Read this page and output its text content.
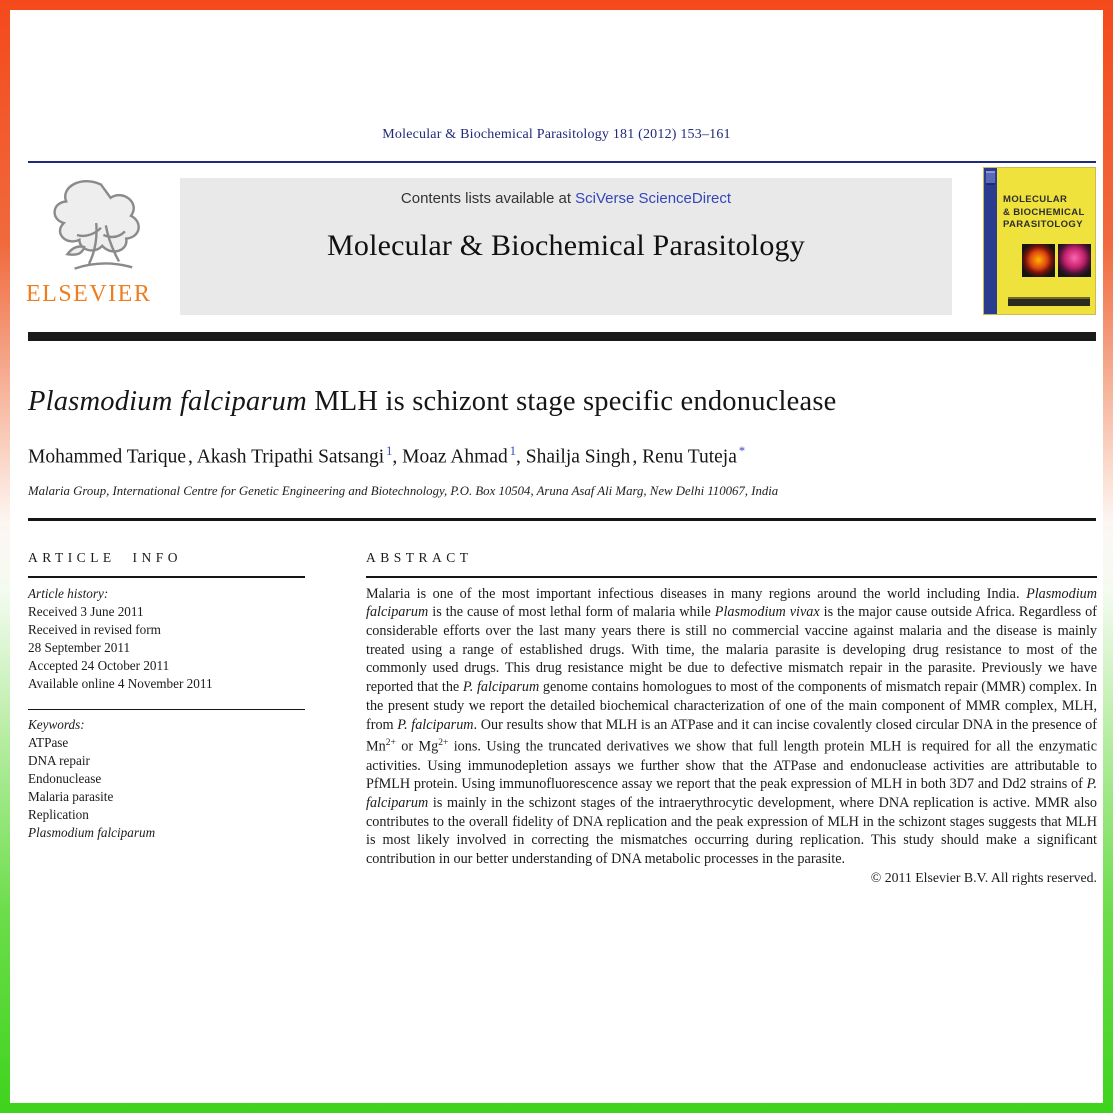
Molecular & Biochemical Parasitology 181 (2012) 153–161
ELSEVIER
Contents lists available at SciVerse ScienceDirect
Molecular & Biochemical Parasitology
MOLECULAR
& BIOCHEMICAL
PARASITOLOGY
Plasmodium falciparum MLH is schizont stage specific endonuclease
Mohammed Tarique , Akash Tripathi Satsangi $^1$, Moaz Ahmad $^1$, Shailja Singh , Renu Tuteja *
Malaria Group, International Centre for Genetic Engineering and Biotechnology, P.O. Box 10504, Aruna Asaf Ali Marg, New Delhi 110067, India
ARTICLE INFO
Article history:
Received 3 June 2011
Received in revised form
28 September 2011
Accepted 24 October 2011
Available online 4 November 2011
Keywords:
ATPase
DNA repair
Endonuclease
Malaria parasite
Replication
Plasmodium falciparum
ABSTRACT
Malaria is one of the most important infectious diseases in many regions around the world including India. Plasmodium falciparum is the cause of most lethal form of malaria while Plasmodium vivax is the major cause outside Africa. Regardless of considerable efforts over the last many years there is still no commercial vaccine against malaria and the disease is mainly treated using a range of established drugs. With time, the malaria parasite is developing drug resistance to most of the commonly used drugs. This drug resistance might be due to defective mismatch repair in the parasite. Previously we have reported that the P. falciparum genome contains homologues to most of the components of mismatch repair (MMR) complex. In the present study we report the detailed biochemical characterization of one of the main component of MMR complex, MLH, from P. falciparum. Our results show that MLH is an ATPase and it can incise covalently closed circular DNA in the presence of $Mn^{2+}$ or $Mg^{2+}$ ions. Using the truncated derivatives we show that full length protein MLH is required for all the enzymatic activities. Using immunodepletion assays we further show that the ATPase and endonuclease activities are attributable to PfMLH protein. Using immunofluorescence assay we report that the peak expression of MLH in both 3D7 and Dd2 strains of P. falciparum is mainly in the schizont stages of the intraerythrocytic development, where DNA replication is active. MMR also contributes to the overall fidelity of DNA replication and the peak expression of MLH in the schizont stages suggests that MLH is most likely involved in correcting the mismatches occurring during replication. This study should make a significant contribution in our better understanding of DNA metabolic processes in the parasite.
© 2011 Elsevier B.V. All rights reserved.
